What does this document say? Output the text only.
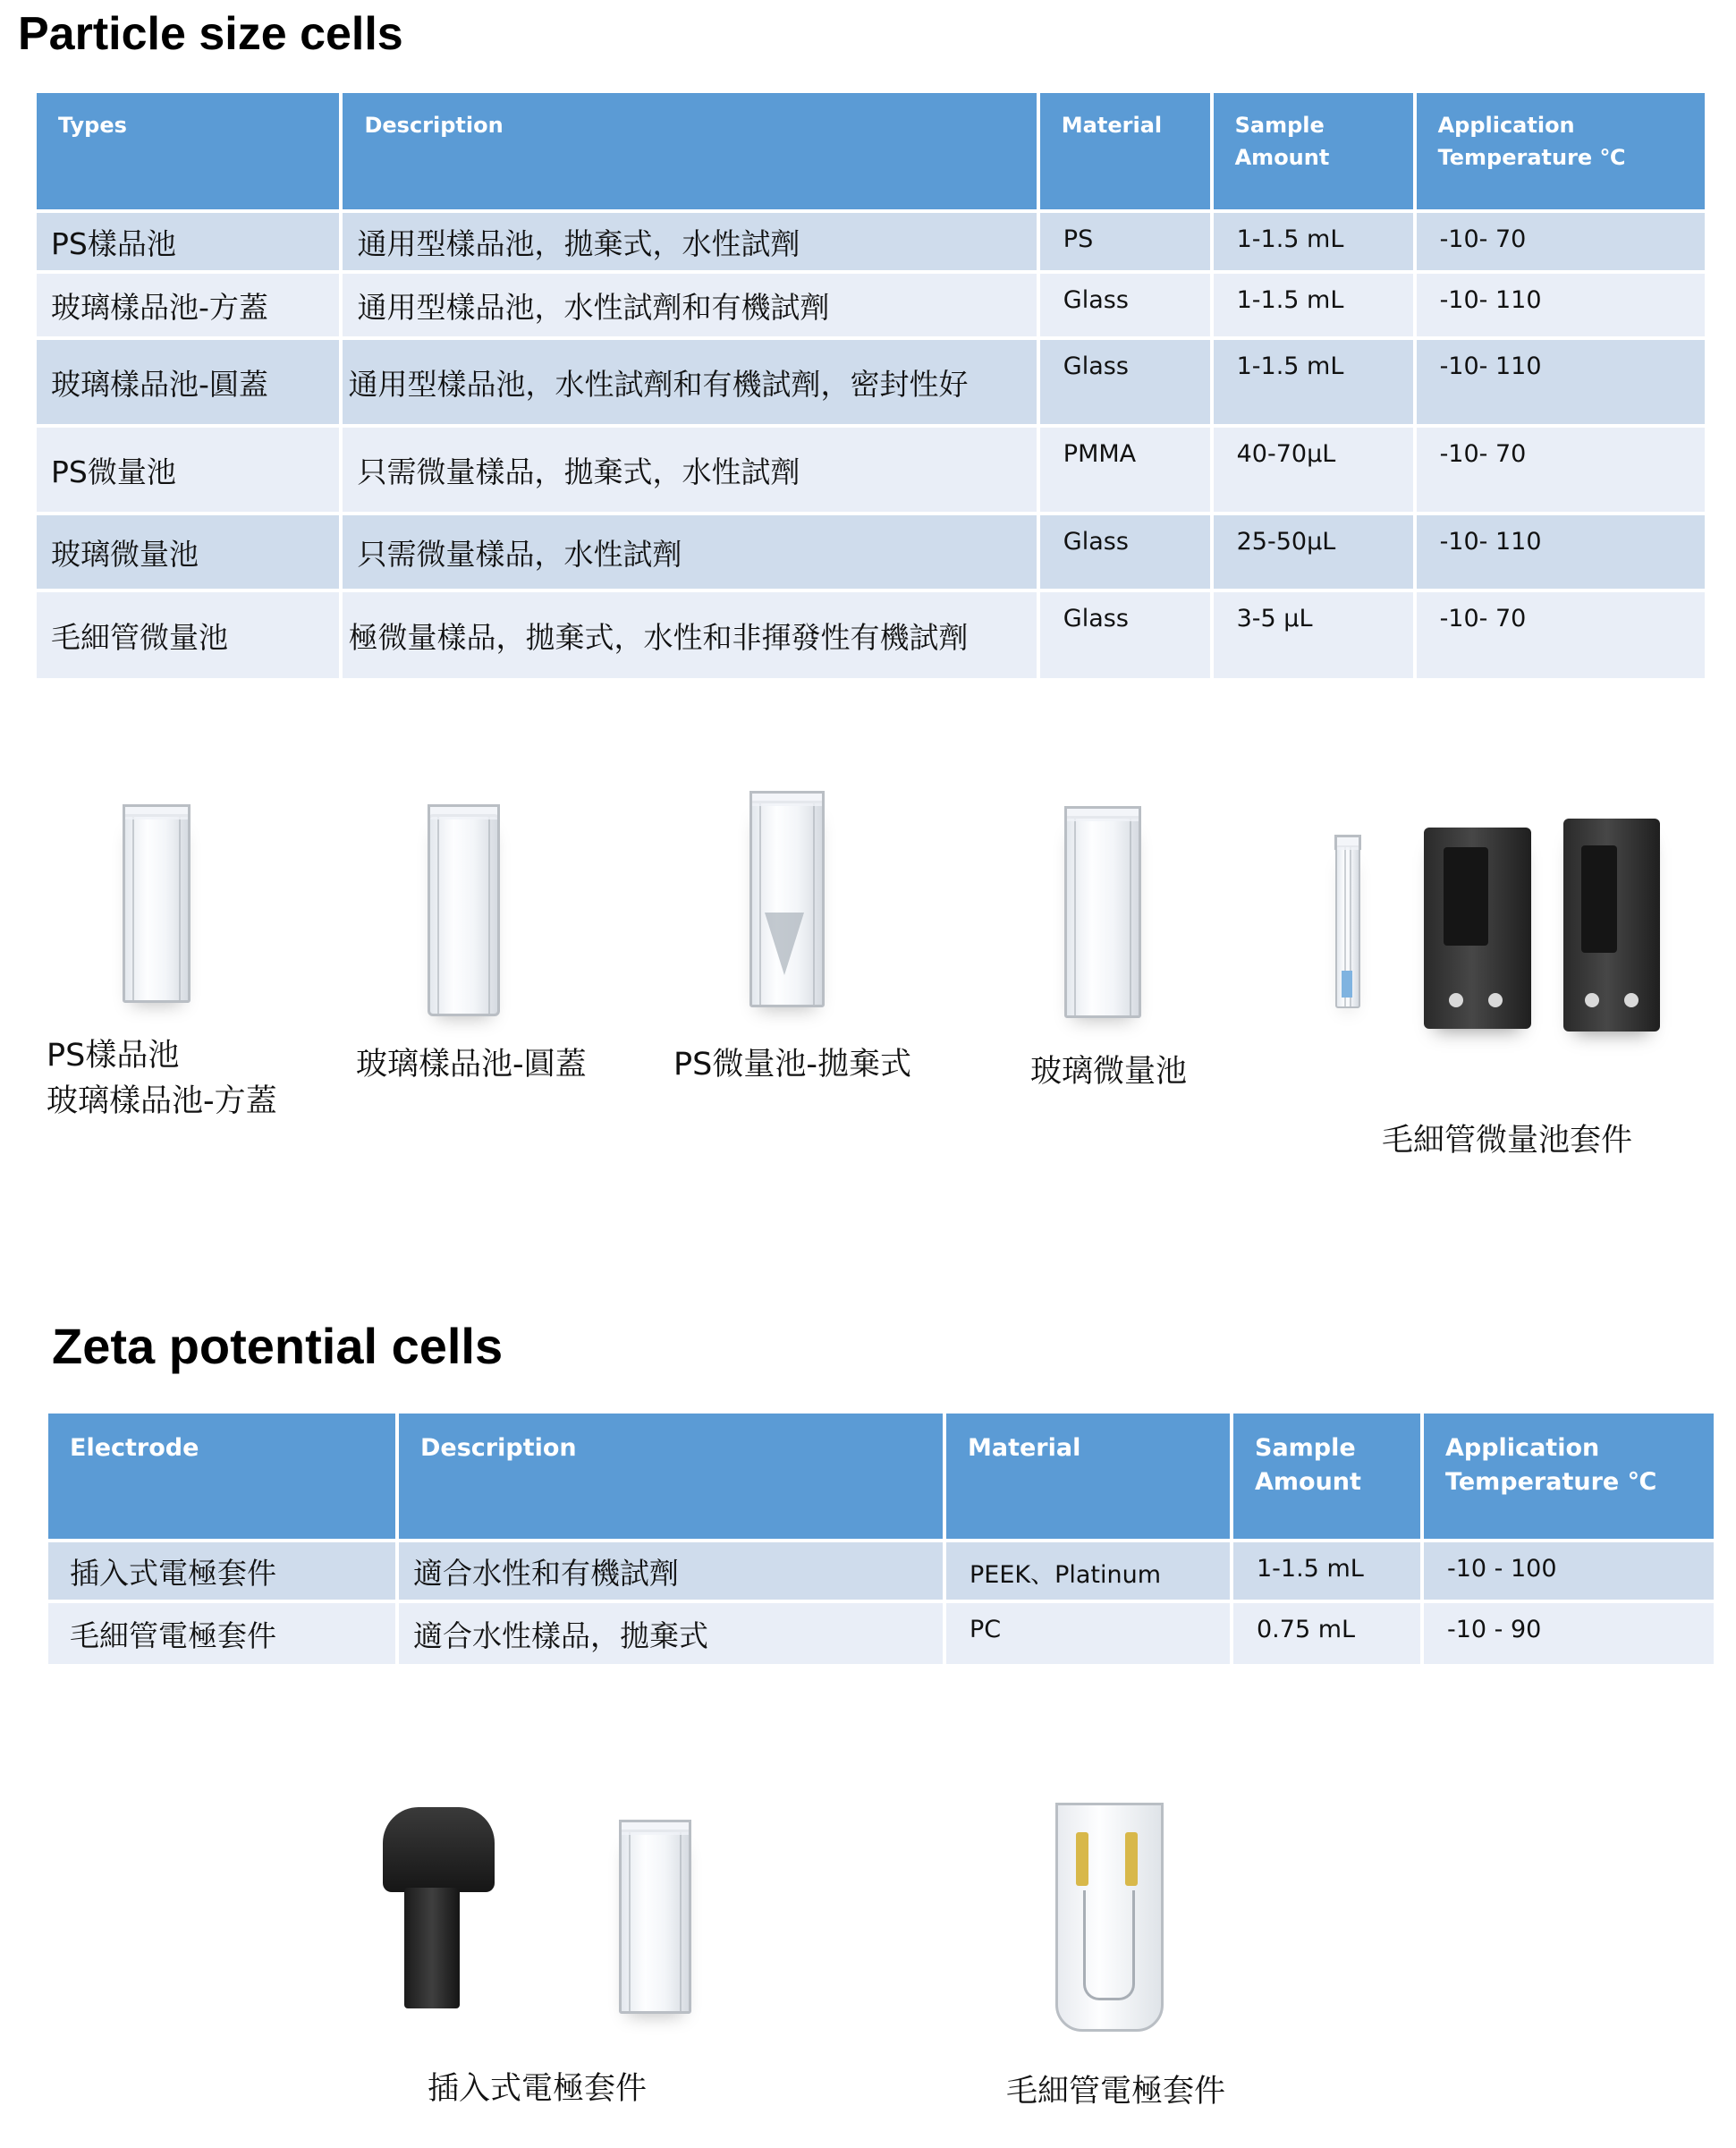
Particle size cells
Types	Description	Material	Sample Amount	Application Temperature ℃
PS樣品池	通用型樣品池，拋棄式，水性試劑	PS	1-1.5 mL	-10- 70
玻璃樣品池-方蓋	通用型樣品池，水性試劑和有機試劑	Glass	1-1.5 mL	-10- 110
玻璃樣品池-圓蓋	通用型樣品池，水性試劑和有機試劑，密封性好	Glass	1-1.5 mL	-10- 110
PS微量池	只需微量樣品，拋棄式，水性試劑	PMMA	40-70µL	-10- 70
玻璃微量池	只需微量樣品，水性試劑	Glass	25-50µL	-10- 110
毛細管微量池	極微量樣品，拋棄式，水性和非揮發性有機試劑	Glass	3-5 µL	-10- 70

PS樣品池

玻璃樣品池-方蓋

玻璃樣品池-圓蓋	PS微量池-拋棄式	玻璃微量池

毛細管微量池套件

Zeta potential cells
Electrode	Description	Material	Sample Amount	Application Temperature ℃
插入式電極套件	適合水性和有機試劑	PEEK、Platinum	1-1.5 mL	-10 - 100
毛細管電極套件	適合水性樣品，拋棄式	PC	0.75 mL	-10 - 90

插入式電極套件	毛細管電極套件
